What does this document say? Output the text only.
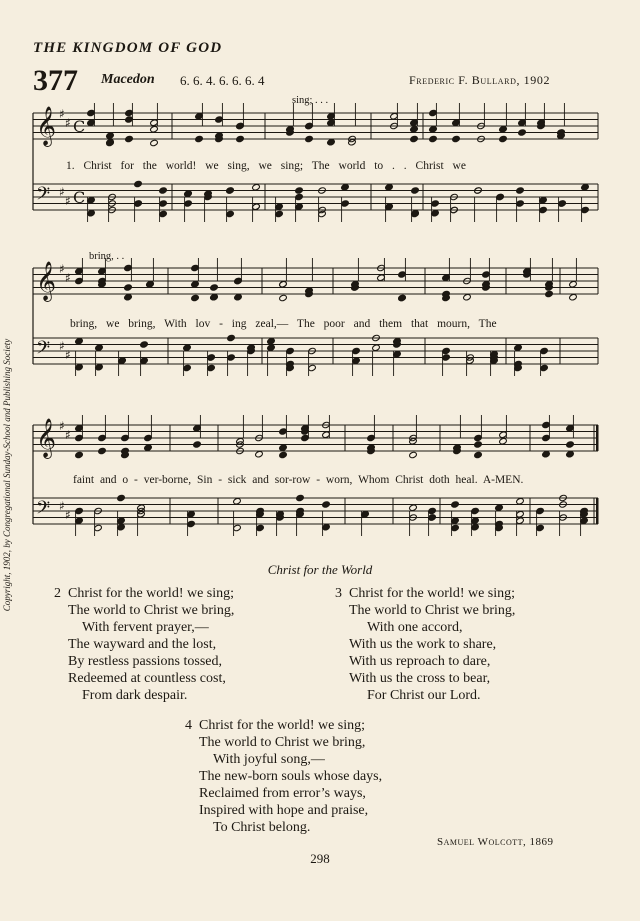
THE KINGDOM OF GOD
377 Macedon 6. 6. 4. 6. 6. 6. 4	Frederic F. Bullard, 1902
Copyright, 1902, by Congregational Sunday-School and Publishing Society
𝄞 ♯
♯ C
𝄢 ♯
♯ C
𝄞 ♯
♯
𝄢 ♯
♯
𝄞 ♯
♯
𝄢 ♯
♯
sing; . . .
1. Christ for the world! we sing, we sing; The world to . . Christ we
bring, . .
bring, we bring, With lov - ing zeal,— The poor and them that mourn, The
faint and o - ver-borne, Sin - sick and sor-row - worn, Whom Christ doth heal. A-MEN.
Christ for the World
2 Christ for the world! we sing;
The world to Christ we bring,
With fervent prayer,—
The wayward and the lost,
By restless passions tossed,
Redeemed at countless cost,
From dark despair.
3 Christ for the world! we sing;
The world to Christ we bring,
With one accord,
With us the work to share,
With us reproach to dare,
With us the cross to bear,
For Christ our Lord.
4 Christ for the world! we sing;
The world to Christ we bring,
With joyful song,—
The new-born souls whose days,
Reclaimed from error’s ways,
Inspired with hope and praise,
To Christ belong.
Samuel Wolcott, 1869
298
